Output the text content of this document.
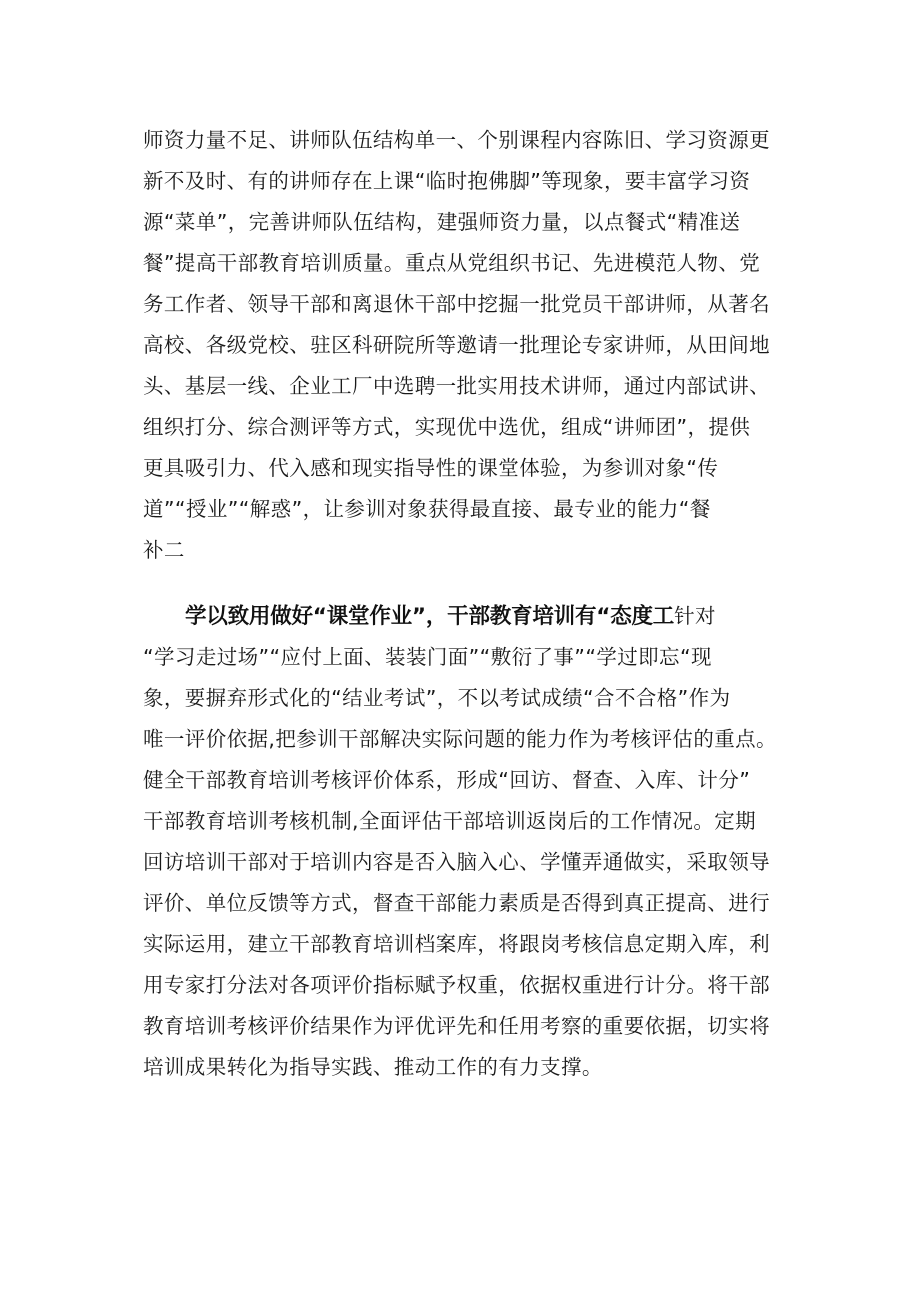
师资力量不足、讲师队伍结构单一、个别课程内容陈旧、学习资源更
新不及时、有的讲师存在上课“临时抱佛脚”等现象，要丰富学习资
源“菜单”，完善讲师队伍结构，建强师资力量，以点餐式“精准送
餐”提高干部教育培训质量。重点从党组织书记、先进模范人物、党
务工作者、领导干部和离退休干部中挖掘一批党员干部讲师，从著名
高校、各级党校、驻区科研院所等邀请一批理论专家讲师，从田间地
头、基层一线、企业工厂中选聘一批实用技术讲师，通过内部试讲、
组织打分、综合测评等方式，实现优中选优，组成“讲师团”，提供
更具吸引力、代入感和现实指导性的课堂体验，为参训对象“传
道”“授业”“解惑”，让参训对象获得最直接、最专业的能力“餐
补二
学以致用做好“课堂作业”，干部教育培训有“态度工针对
“学习走过场”“应付上面、装装门面”“敷衍了事”“学过即忘“现
象，要摒弃形式化的“结业考试”，不以考试成绩“合不合格”作为
唯一评价依据,把参训干部解决实际问题的能力作为考核评估的重点。
健全干部教育培训考核评价体系，形成“回访、督查、入库、计分”
干部教育培训考核机制,全面评估干部培训返岗后的工作情况。定期
回访培训干部对于培训内容是否入脑入心、学懂弄通做实，采取领导
评价、单位反馈等方式，督查干部能力素质是否得到真正提高、进行
实际运用，建立干部教育培训档案库，将跟岗考核信息定期入库，利
用专家打分法对各项评价指标赋予权重，依据权重进行计分。将干部
教育培训考核评价结果作为评优评先和任用考察的重要依据，切实将
培训成果转化为指导实践、推动工作的有力支撑。
